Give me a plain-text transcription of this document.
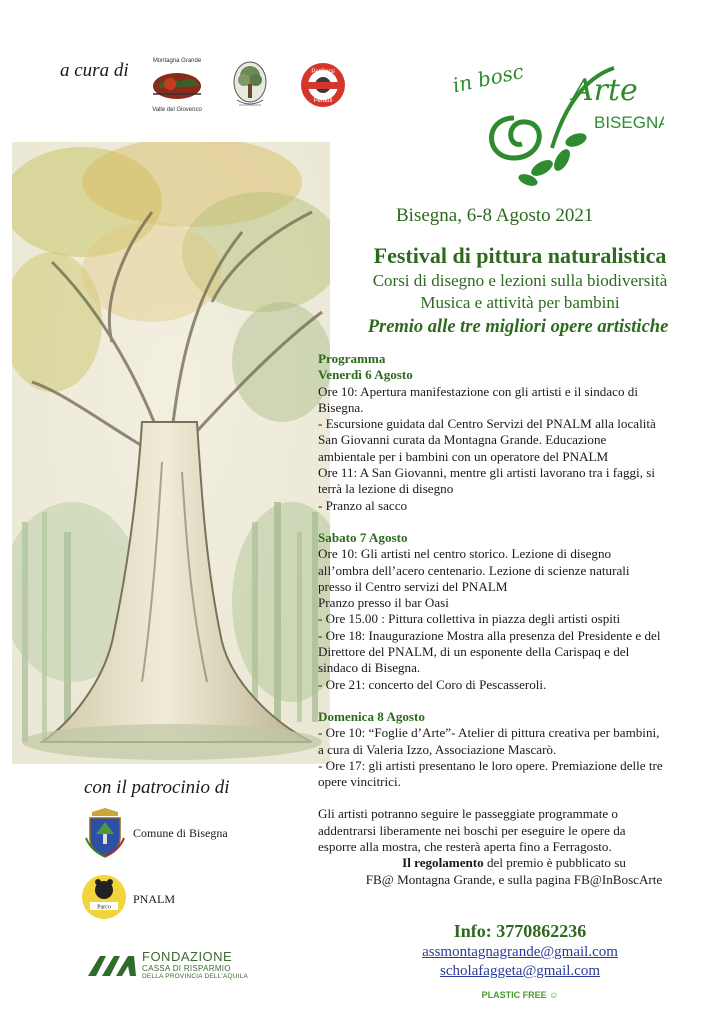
a cura di	Montagna Grande
Valle del Giovenco
PerCorsi
Perduti
in bosc Arte
BISEGNA
Bisegna, 6-8 Agosto 2021
Festival di pittura naturalistica
Corsi di disegno e lezioni sulla biodiversità
Musica e attività per bambini
Premio alle tre migliori opere artistiche
Programma
Venerdì 6 Agosto
Ore 10: Apertura manifestazione con gli artisti e il sindaco di
Bisegna.
- Escursione guidata dal Centro Servizi del PNALM alla località
San Giovanni curata da Montagna Grande. Educazione
ambientale per i bambini con un operatore del PNALM
Ore 11: A San Giovanni, mentre gli artisti lavorano tra i faggi, si
terrà la lezione di disegno
- Pranzo al sacco
Sabato 7 Agosto
Ore 10: Gli artisti nel centro storico. Lezione di disegno
all’ombra dell’acero centenario. Lezione di scienze naturali
presso il Centro servizi del PNALM
Pranzo presso il bar Oasi
- Ore 15.00 : Pittura collettiva in piazza degli artisti ospiti
- Ore 18: Inaugurazione Mostra alla presenza del Presidente e del
Direttore del PNALM, di un esponente della Carispaq e del
sindaco di Bisegna.
- Ore 21: concerto del Coro di Pescasseroli.
Domenica 8 Agosto
- Ore 10: “Foglie d’Arte”- Atelier di pittura creativa per bambini,
a cura di Valeria Izzo, Associazione Mascarò.
- Ore 17: gli artisti presentano le loro opere. Premiazione delle tre
opere vincitrici.
Gli artisti potranno seguire le passeggiate programmate o
addentrarsi liberamente nei boschi per eseguire le opere da
esporre alla mostra, che resterà aperta fino a Ferragosto.
Il regolamento del premio è pubblicato su
FB@ Montagna Grande, e sulla pagina FB@InBoscArte
Info: 3770862236
assmontagnagrande@gmail.com
scholafaggeta@gmail.com
PLASTIC FREE ☺
con il patrocinio di
Comune di Bisegna
Parco
PNALM
FONDAZIONE
CASSA DI RISPARMIO
DELLA PROVINCIA DELL'AQUILA
